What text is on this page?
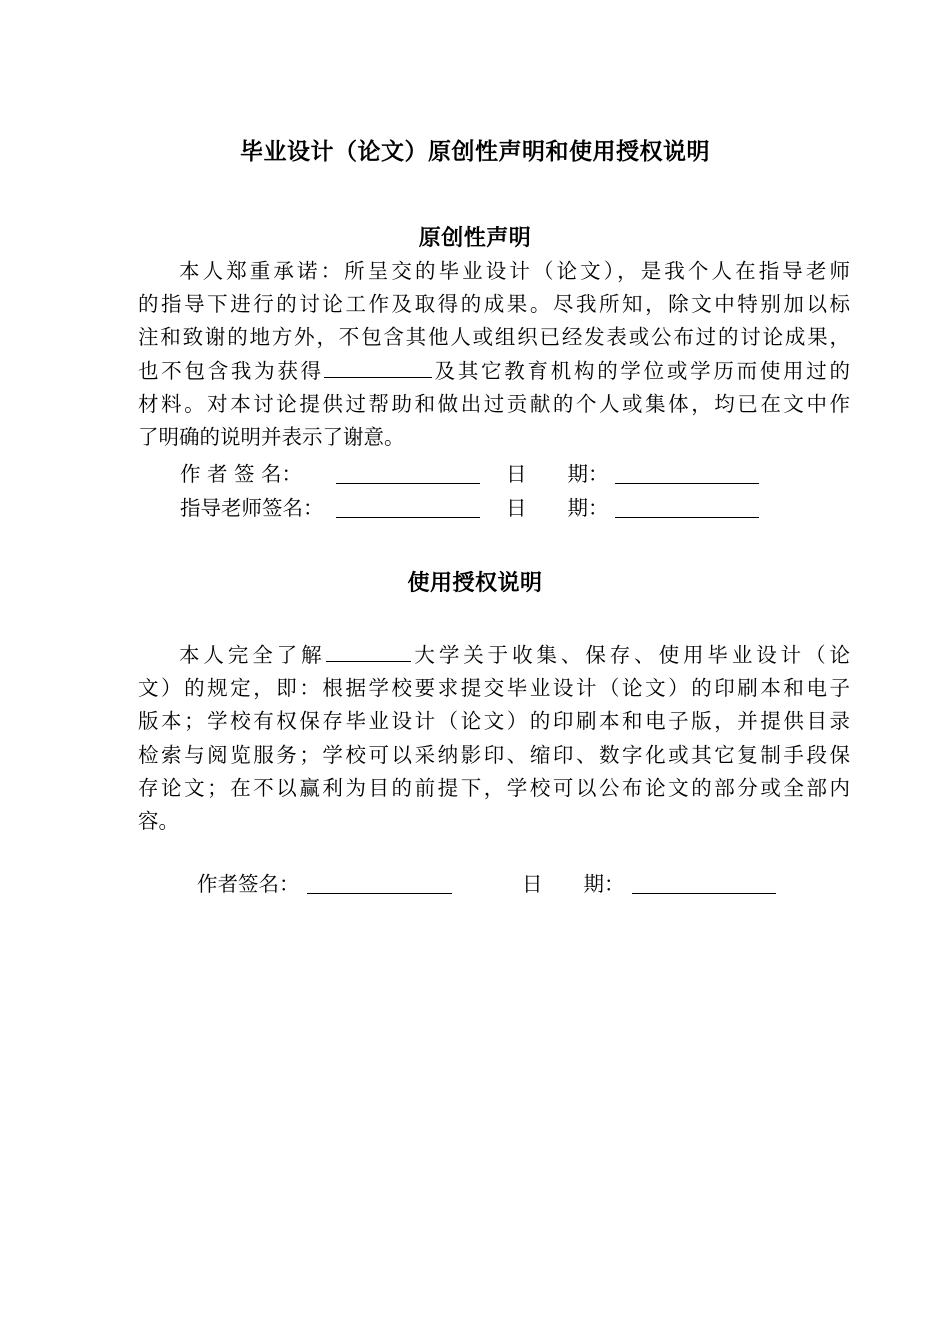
毕业设计（论文）原创性声明和使用授权说明
原创性声明
本人郑重承诺：所呈交的毕业设计（论文），是我个人在指导老师
的指导下进行的讨论工作及取得的成果。尽我所知，除文中特别加以标
注和致谢的地方外，不包含其他人或组织已经发表或公布过的讨论成果，
也不包含我为获得	及其它教育机构的学位或学历而使用过的
材料。对本讨论提供过帮助和做出过贡献的个人或集体，均已在文中作
了明确的说明并表示了谢意。
作 者 签 名：	日　　期：
指导老师签名：	日　　期：
使用授权说明
本人完全了解	大学关于收集、保存、使用毕业设计（论
文）的规定，即：根据学校要求提交毕业设计（论文）的印刷本和电子
版本；学校有权保存毕业设计（论文）的印刷本和电子版，并提供目录
检索与阅览服务；学校可以采纳影印、缩印、数字化或其它复制手段保
存论文；在不以赢利为目的前提下，学校可以公布论文的部分或全部内
容。
作者签名：	日　　期：
